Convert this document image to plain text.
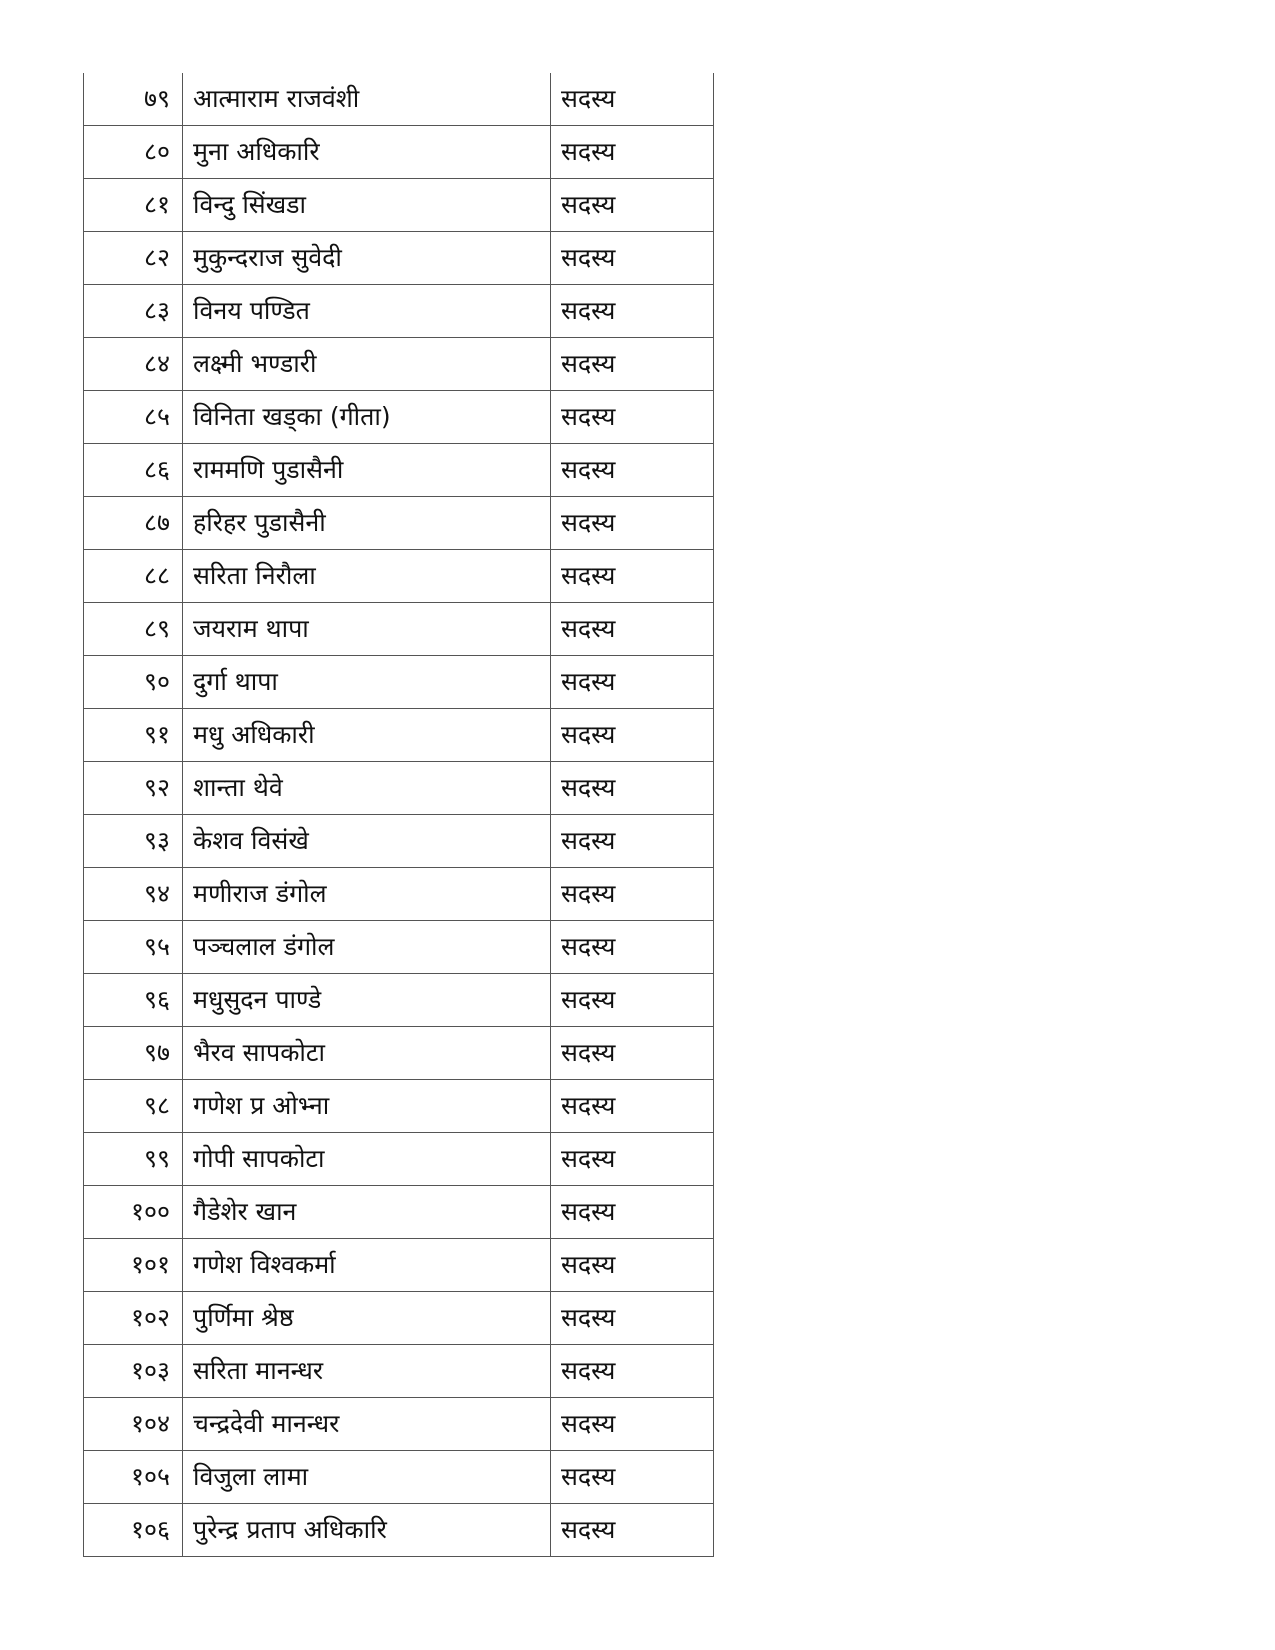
७९	आत्माराम राजवंशी	सदस्य
८०	मुना अधिकारि	सदस्य
८१	विन्दु सिंखडा	सदस्य
८२	मुकुन्दराज सुवेदी	सदस्य
८३	विनय पण्डित	सदस्य
८४	लक्ष्मी भण्डारी	सदस्य
८५	विनिता खड्का (गीता)	सदस्य
८६	राममणि पुडासैनी	सदस्य
८७	हरिहर पुडासैनी	सदस्य
८८	सरिता निरौला	सदस्य
८९	जयराम थापा	सदस्य
९०	दुर्गा थापा	सदस्य
९१	मधु अधिकारी	सदस्य
९२	शान्ता थेवे	सदस्य
९३	केशव विसंखे	सदस्य
९४	मणीराज डंगोल	सदस्य
९५	पञ्चलाल डंगोल	सदस्य
९६	मधुसुदन पाण्डे	सदस्य
९७	भैरव सापकोटा	सदस्य
९८	गणेश प्र ओभ्ना	सदस्य
९९	गोपी सापकोटा	सदस्य
१००	गैडेशेर खान	सदस्य
१०१	गणेश विश्वकर्मा	सदस्य
१०२	पुर्णिमा श्रेष्ठ	सदस्य
१०३	सरिता मानन्धर	सदस्य
१०४	चन्द्रदेवी मानन्धर	सदस्य
१०५	विजुला लामा	सदस्य
१०६	पुरेन्द्र प्रताप अधिकारि	सदस्य
